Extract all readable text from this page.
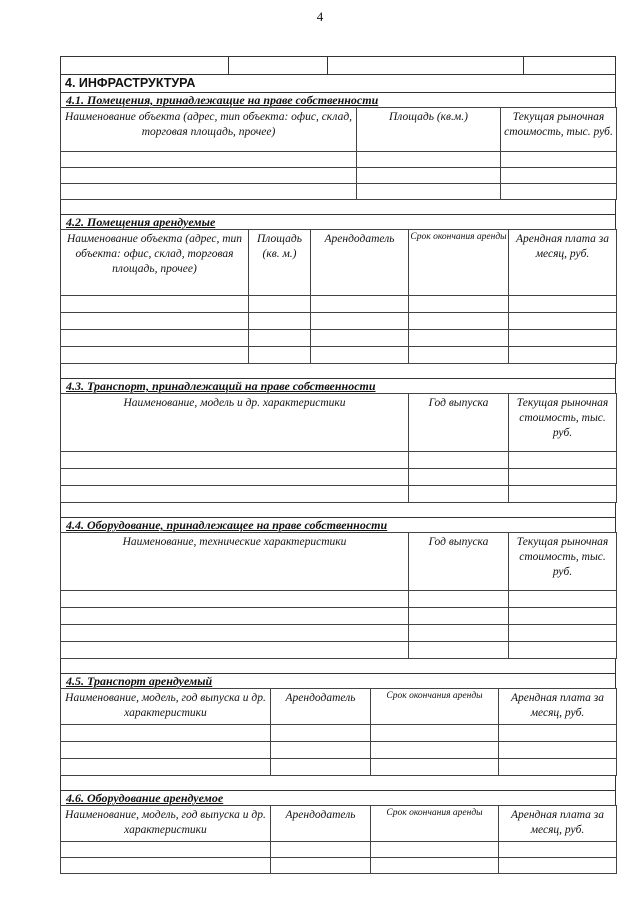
4
4. ИНФРАСТРУКТУРА
4.1. Помещения, принадлежащие на праве собственности
Наименование объекта (адрес, тип объекта: офис, склад, торговая площадь, прочее)	Площадь (кв.м.)	Текущая рыночная стоимость, тыс. руб.

4.2. Помещения арендуемые
Наименование объекта (адрес, тип объекта: офис, склад, торговая площадь, прочее)	Площадь (кв. м.)	Арендодатель	Срок окончания аренды	Арендная плата за месяц, руб.

4.3. Транспорт, принадлежащий на праве собственности
Наименование, модель и др. характеристики	Год выпуска	Текущая рыночная стоимость, тыс. руб.

4.4. Оборудование, принадлежащее на праве собственности
Наименование, технические характеристики	Год выпуска	Текущая рыночная стоимость, тыс. руб.

4.5. Транспорт арендуемый
Наименование, модель, год выпуска и др. характеристики	Арендодатель	Срок окончания аренды	Арендная плата за месяц, руб.

4.6. Оборудование арендуемое
Наименование, модель, год выпуска и др. характеристики	Арендодатель	Срок окончания аренды	Арендная плата за месяц, руб.
